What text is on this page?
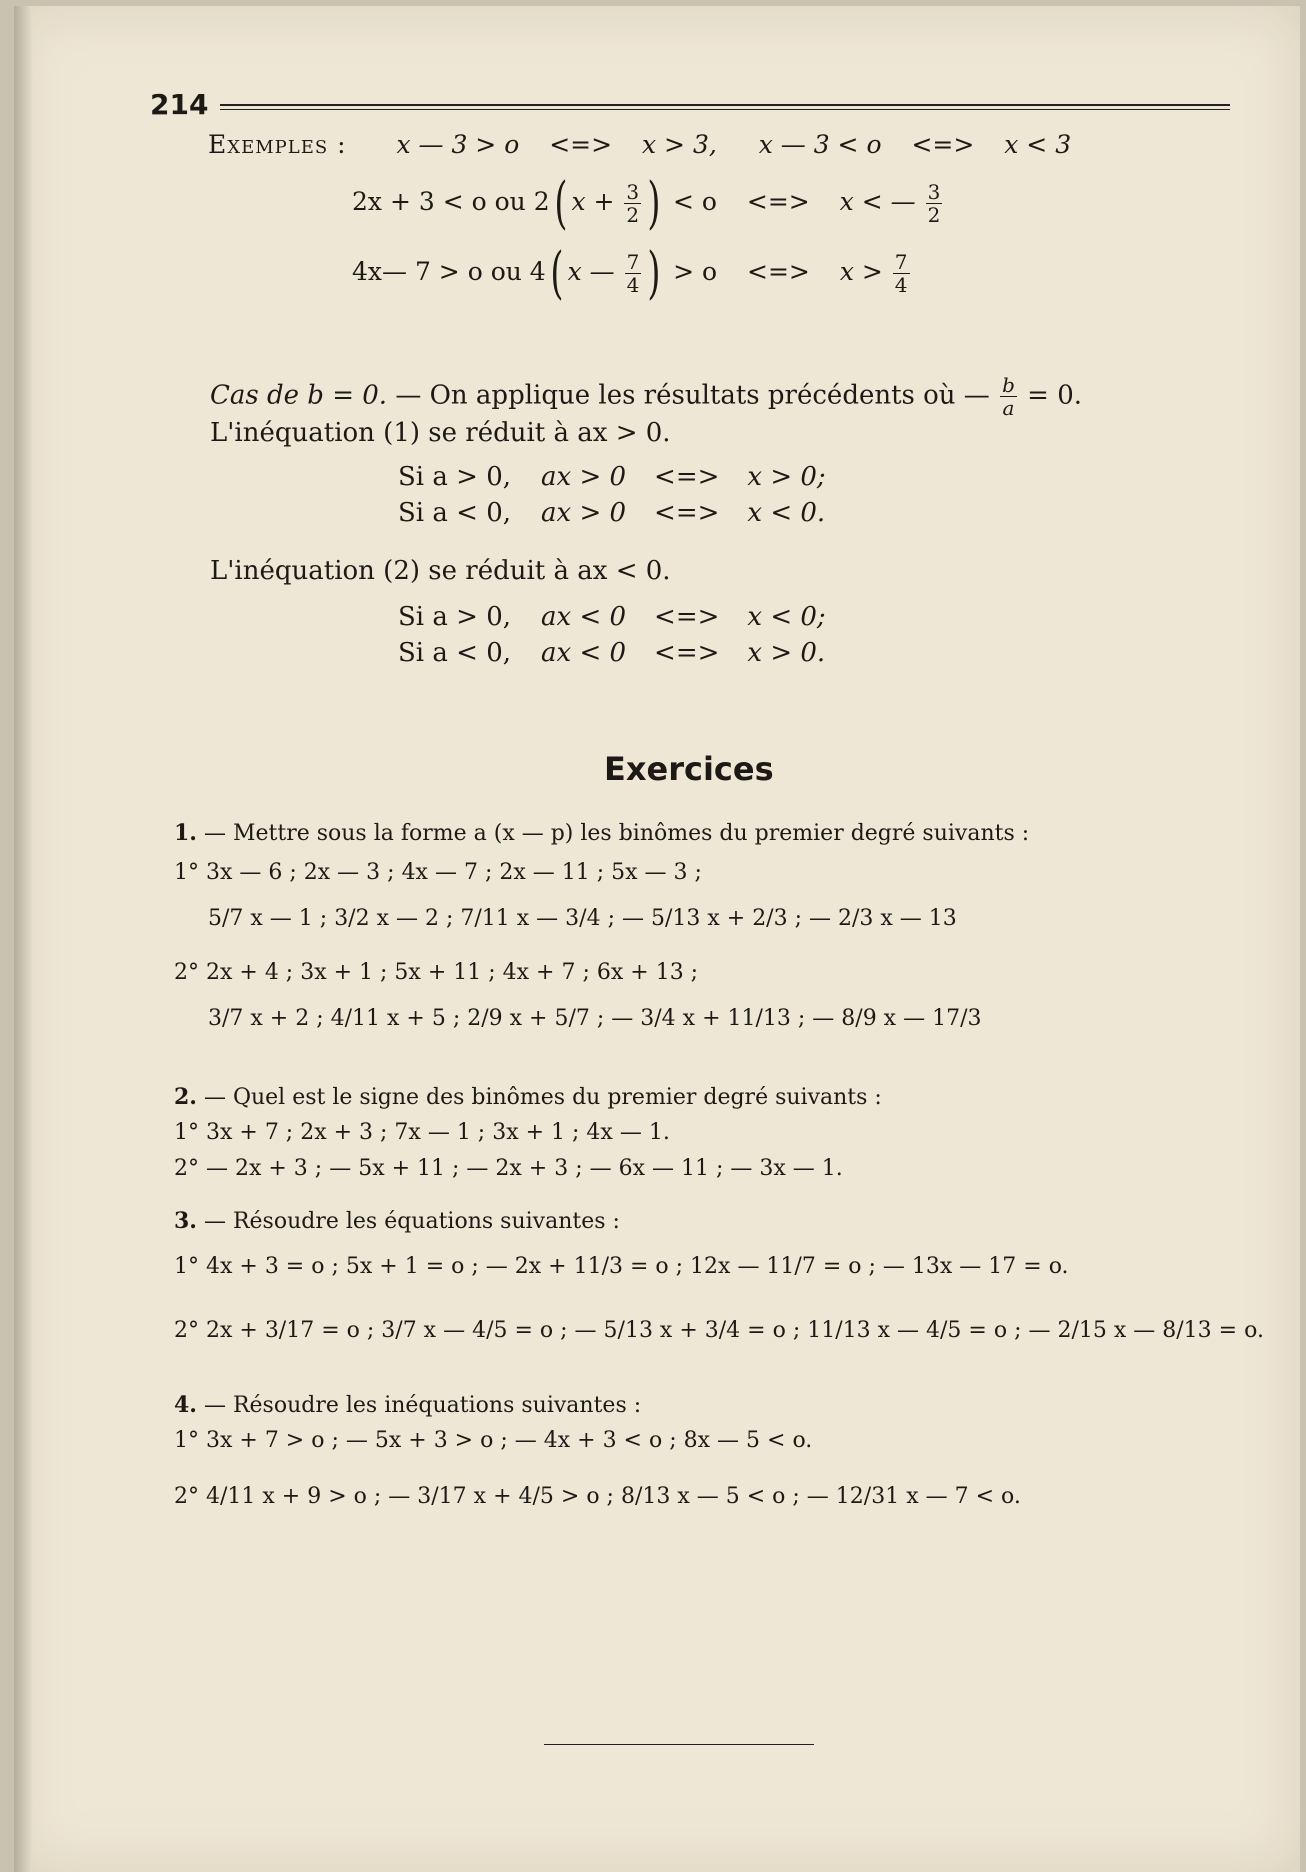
214
Exemples : x — 3 > o <=> x > 3, x — 3 < o <=> x < 3
2x + 3 < o ou 2( $x + \frac{3}{2}$ ) < o <=> x < — $\frac{3}{2}$
4x— 7 > o ou 4( x — $\frac{7}{4}$ ) > o <=> $x > \frac{7}{4}$
Cas de b = 0. — On applique les résultats précédents où — $\frac{b}{a} = 0$.
L'inéquation (1) se réduit à ax > 0.
Si a > 0, ax > 0 <=> x > 0;
Si a < 0, ax > 0 <=> x < 0.
L'inéquation (2) se réduit à ax < 0.
Si a > 0, ax < 0 <=> x < 0;
Si a < 0, ax < 0 <=> x > 0.
Exercices
1. — Mettre sous la forme a (x — p) les binômes du premier degré suivants :
1° 3x — 6 ; 2x — 3 ; 4x — 7 ; 2x — 11 ; 5x — 3 ;
5/7 x — 1 ; 3/2 x — 2 ; 7/11 x — 3/4 ; — 5/13 x + 2/3 ; — 2/3 x — 13
2° 2x + 4 ; 3x + 1 ; 5x + 11 ; 4x + 7 ; 6x + 13 ;
3/7 x + 2 ; 4/11 x + 5 ; 2/9 x + 5/7 ; — 3/4 x + 11/13 ; — 8/9 x — 17/3
2. — Quel est le signe des binômes du premier degré suivants :
1° 3x + 7 ; 2x + 3 ; 7x — 1 ; 3x + 1 ; 4x — 1.
2° — 2x + 3 ; — 5x + 11 ; — 2x + 3 ; — 6x — 11 ; — 3x — 1.
3. — Résoudre les équations suivantes :
1° 4x + 3 = o ; 5x + 1 = o ; — 2x + 11/3 = o ; 12x — 11/7 = o ; — 13x — 17 = o.
2° 2x + 3/17 = o ; 3/7 x — 4/5 = o ; — 5/13 x + 3/4 = o ; 11/13 x — 4/5 = o ; — 2/15 x — 8/13 = o.
4. — Résoudre les inéquations suivantes :
1° 3x + 7 > o ; — 5x + 3 > o ; — 4x + 3 < o ; 8x — 5 < o.
2° 4/11 x + 9 > o ; — 3/17 x + 4/5 > o ; 8/13 x — 5 < o ; — 12/31 x — 7 < o.
